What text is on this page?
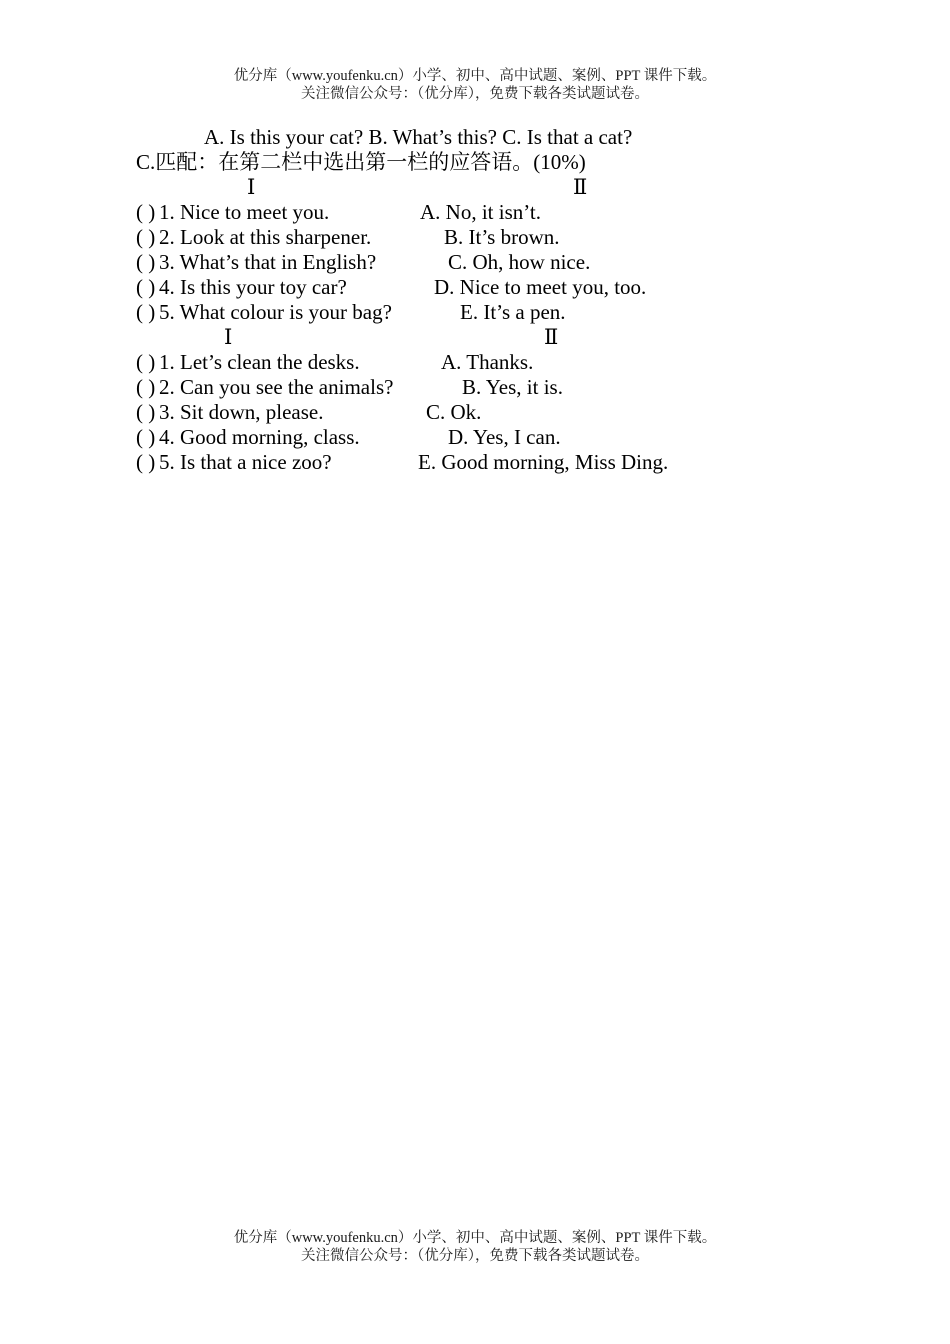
优分库（www.youfenku.cn）小学、初中、高中试题、案例、PPT 课件下载。
关注微信公众号：（优分库），免费下载各类试题试卷。
A. Is this your cat? B. What’s this? C. Is that a cat?
C.匹配：在第二栏中选出第一栏的应答语。(10%)
Ⅰ	Ⅱ
( ) 1. Nice to meet you.	A. No, it isn’t.
( ) 2. Look at this sharpener.	B. It’s brown.
( ) 3. What’s that in English?	C. Oh, how nice.
( ) 4. Is this your toy car?	D. Nice to meet you, too.
( ) 5. What colour is your bag?	E. It’s a pen.
Ⅰ	Ⅱ
( ) 1. Let’s clean the desks.	A. Thanks.
( ) 2. Can you see the animals?	B. Yes, it is.
( ) 3. Sit down, please.	C. Ok.
( ) 4. Good morning, class.	D. Yes, I can.
( ) 5. Is that a nice zoo?	E. Good morning, Miss Ding.
优分库（www.youfenku.cn）小学、初中、高中试题、案例、PPT 课件下载。
关注微信公众号：（优分库），免费下载各类试题试卷。
